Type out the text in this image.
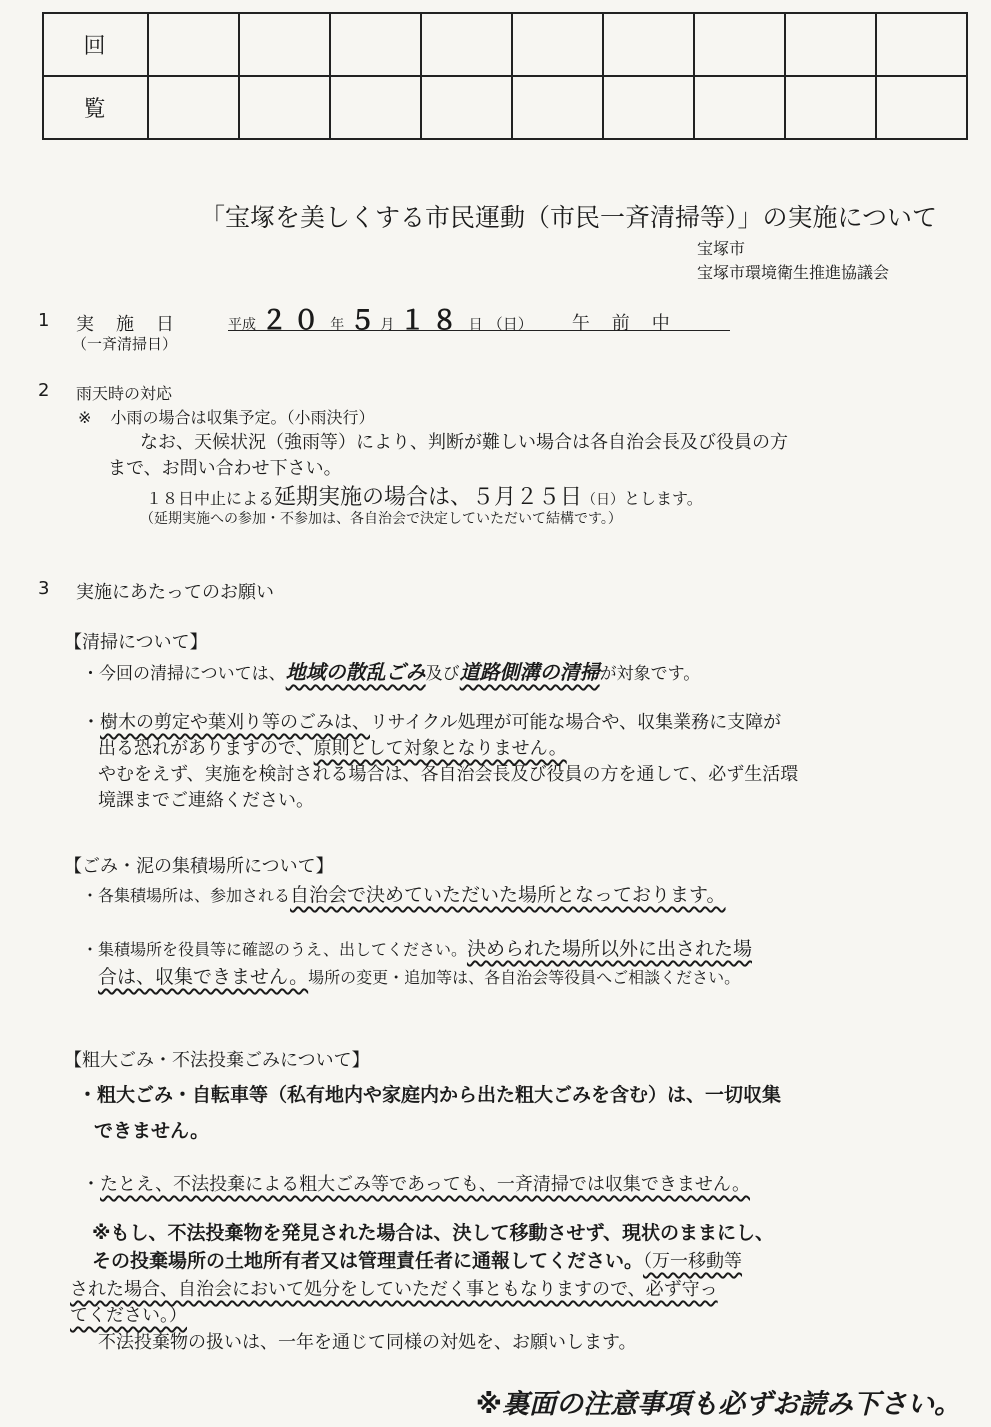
回									
覧									
「宝塚を美しくする市民運動（市民一斉清掃等）」の実施について
宝塚市
宝塚市環境衛生推進協議会
1 実　施　日
（一斉清掃日）
平成 ２０ 年 ５ 月 １８ 日 （日） 午　前　中
2 雨天時の対応
※ 小雨の場合は収集予定。（小雨決行）
なお、天候状況（強雨等）により、判断が難しい場合は各自治会長及び役員の方
まで、お問い合わせ下さい。
１８日中止による延期実施の場合は、５月２５日（日）とします。
（延期実施への参加・不参加は、各自治会で決定していただいて結構です。）
3 実施にあたってのお願い
【清掃について】
・今回の清掃については、地域の散乱ごみ及び道路側溝の清掃が対象です。
・樹木の剪定や葉刈り等のごみは、リサイクル処理が可能な場合や、収集業務に支障が
出る恐れがありますので、原則として対象となりません。
やむをえず、実施を検討される場合は、各自治会長及び役員の方を通して、必ず生活環
境課までご連絡ください。
【ごみ・泥の集積場所について】
・各集積場所は、参加される自治会で決めていただいた場所となっております。
・集積場所を役員等に確認のうえ、出してください。決められた場所以外に出された場
合は、収集できません。場所の変更・追加等は、各自治会等役員へご相談ください。
【粗大ごみ・不法投棄ごみについて】
・粗大ごみ・自転車等（私有地内や家庭内から出た粗大ごみを含む）は、一切収集
できません。
・たとえ、不法投棄による粗大ごみ等であっても、一斉清掃では収集できません。
※もし、不法投棄物を発見された場合は、決して移動させず、現状のままにし、
その投棄場所の土地所有者又は管理責任者に通報してください。（万一移動等
された場合、自治会において処分をしていただく事ともなりますので、必ず守っ
てください。）
不法投棄物の扱いは、一年を通じて同様の対処を、お願いします。
※裏面の注意事項も必ずお読み下さい。
